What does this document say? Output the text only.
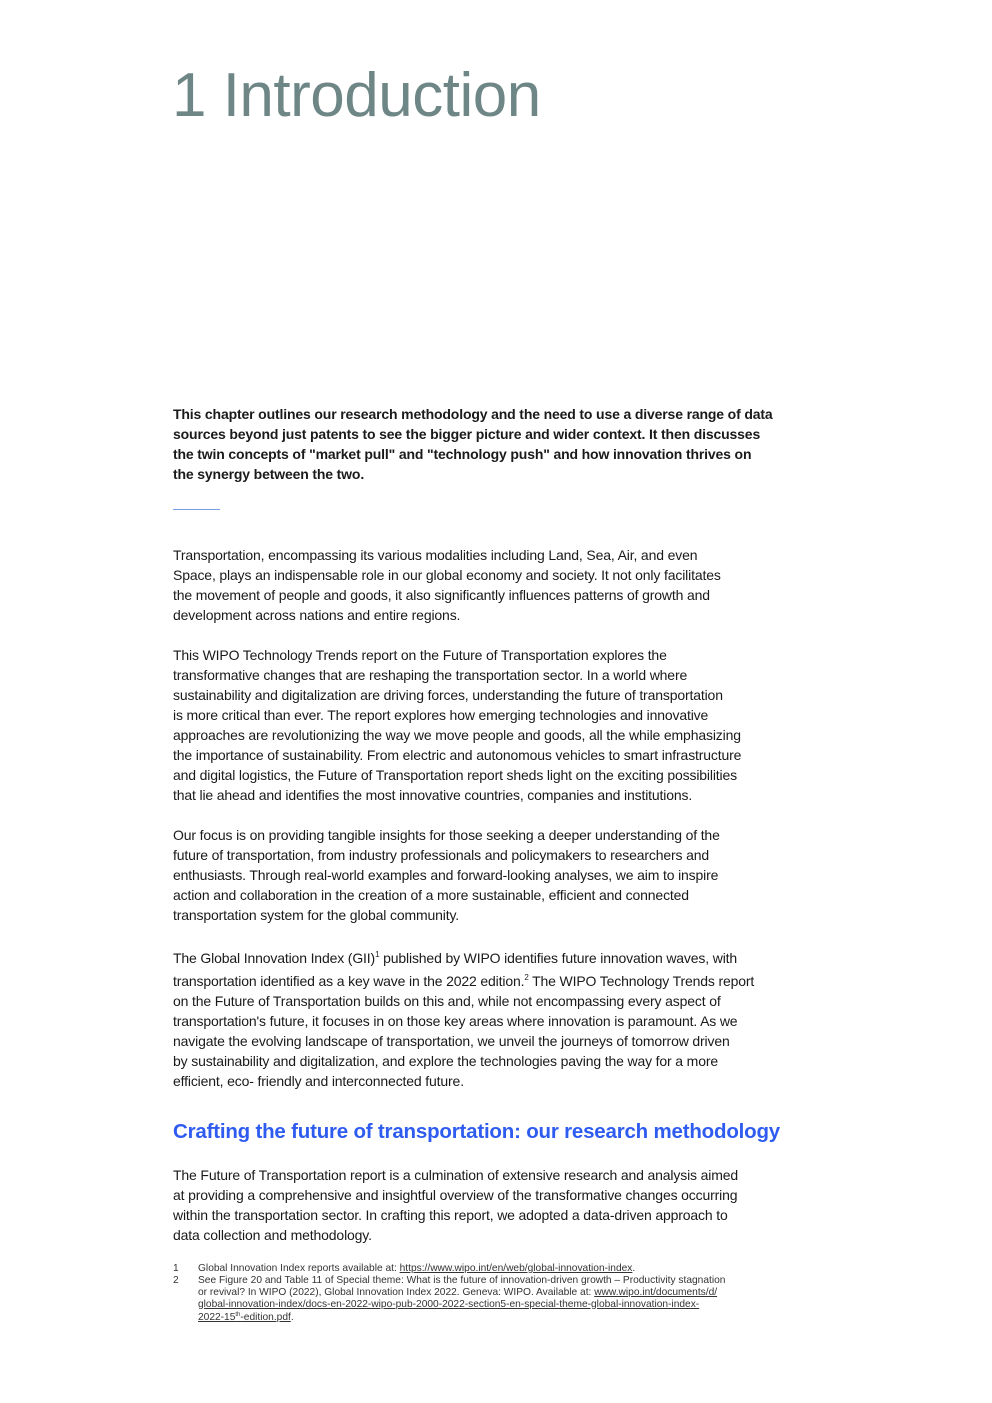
1 Introduction
This chapter outlines our research methodology and the need to use a diverse range of data
sources beyond just patents to see the bigger picture and wider context. It then discusses
the twin concepts of "market pull" and "technology push" and how innovation thrives on
the synergy between the two.
Transportation, encompassing its various modalities including Land, Sea, Air, and even
Space, plays an indispensable role in our global economy and society. It not only facilitates
the movement of people and goods, it also significantly influences patterns of growth and
development across nations and entire regions.
This WIPO Technology Trends report on the Future of Transportation explores the
transformative changes that are reshaping the transportation sector. In a world where
sustainability and digitalization are driving forces, understanding the future of transportation
is more critical than ever. The report explores how emerging technologies and innovative
approaches are revolutionizing the way we move people and goods, all the while emphasizing
the importance of sustainability. From electric and autonomous vehicles to smart infrastructure
and digital logistics, the Future of Transportation report sheds light on the exciting possibilities
that lie ahead and identifies the most innovative countries, companies and institutions.
Our focus is on providing tangible insights for those seeking a deeper understanding of the
future of transportation, from industry professionals and policymakers to researchers and
enthusiasts. Through real-world examples and forward-looking analyses, we aim to inspire
action and collaboration in the creation of a more sustainable, efficient and connected
transportation system for the global community.
The Global Innovation Index (GII)$^1$ published by WIPO identifies future innovation waves, with
transportation identified as a key wave in the 2022 edition.$^2$ The WIPO Technology Trends report
on the Future of Transportation builds on this and, while not encompassing every aspect of
transportation's future, it focuses in on those key areas where innovation is paramount. As we
navigate the evolving landscape of transportation, we unveil the journeys of tomorrow driven
by sustainability and digitalization, and explore the technologies paving the way for a more
efficient, eco- friendly and interconnected future.
Crafting the future of transportation: our research methodology
The Future of Transportation report is a culmination of extensive research and analysis aimed
at providing a comprehensive and insightful overview of the transformative changes occurring
within the transportation sector. In crafting this report, we adopted a data-driven approach to
data collection and methodology.
1 Global Innovation Index reports available at: https://www.wipo.int/en/web/global-innovation-index.
2 See Figure 20 and Table 11 of Special theme: What is the future of innovation-driven growth – Productivity stagnation
or revival? In WIPO (2022), Global Innovation Index 2022. Geneva: WIPO. Available at: www.wipo.int/documents/d/
global-innovation-index/docs-en-2022-wipo-pub-2000-2022-section5-en-special-theme-global-innovation-index-
2022-15th-edition.pdf.
